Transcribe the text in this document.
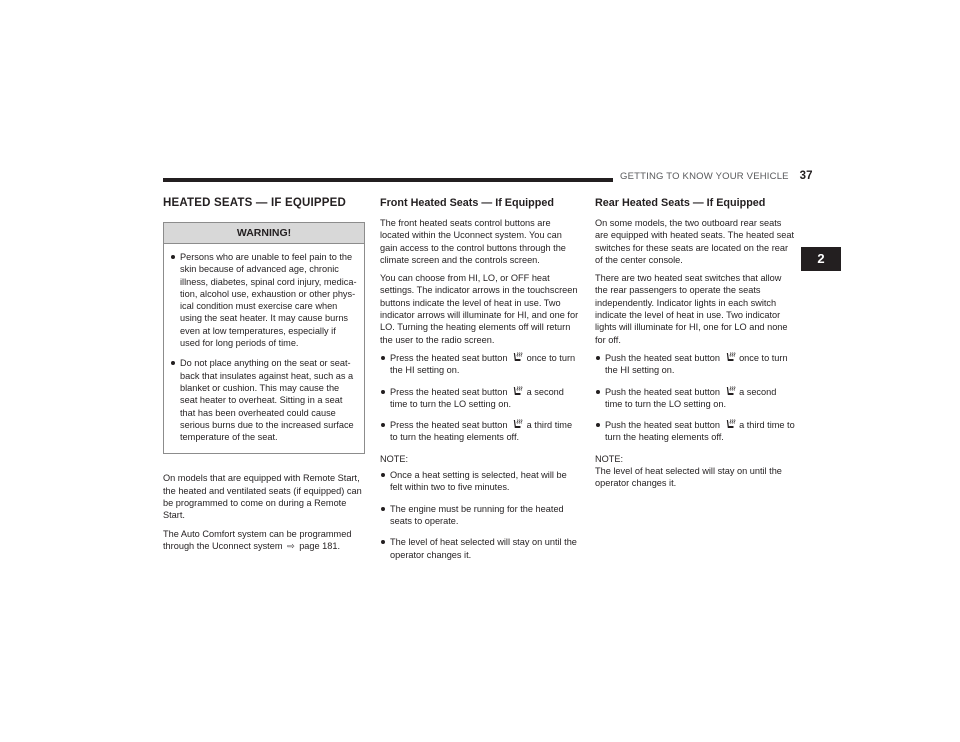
GETTING TO KNOW YOUR VEHICLE 37
2
HEATED SEATS — IF EQUIPPED
WARNING!
Persons who are unable to feel pain to the skin because of advanced age, chronic illness, diabetes, spinal cord injury, medica-tion, alcohol use, exhaustion or other phys-ical condition must exercise care when using the seat heater. It may cause burns even at low temperatures, especially if used for long periods of time.
Do not place anything on the seat or seat-back that insulates against heat, such as a blanket or cushion. This may cause the seat heater to overheat. Sitting in a seat that has been overheated could cause serious burns due to the increased surface temperature of the seat.

On models that are equipped with Remote Start, the heated and ventilated seats (if equipped) can be programmed to come on during a Remote Start.

The Auto Comfort system can be programmed through the Uconnect system ⇨ page 181.

Front Heated Seats — If Equipped

The front heated seats control buttons are located within the Uconnect system. You can gain access to the control buttons through the climate screen and the controls screen.

You can choose from HI, LO, or OFF heat settings. The indicator arrows in the touchscreen buttons indicate the level of heat in use. Two indicator arrows will illuminate for HI, and one for LO. Turning the heating elements off will return the user to the radio screen.

Press the heated seat button once to turn the HI setting on.
Press the heated seat button a second time to turn the LO setting on.
Press the heated seat button a third time to turn the heating elements off.
NOTE:
Once a heat setting is selected, heat will be felt within two to five minutes.
The engine must be running for the heated seats to operate.
The level of heat selected will stay on until the operator changes it.
Rear Heated Seats — If Equipped

On some models, the two outboard rear seats are equipped with heated seats. The heated seat switches for these seats are located on the rear of the center console.

There are two heated seat switches that allow the rear passengers to operate the seats independently. Indicator lights in each switch indicate the level of heat in use. Two indicator lights will illuminate for HI, one for LO and none for off.

Push the heated seat button once to turn the HI setting on.
Push the heated seat button a second time to turn the LO setting on.
Push the heated seat button a third time to turn the heating elements off.
NOTE:

The level of heat selected will stay on until the operator changes it.
